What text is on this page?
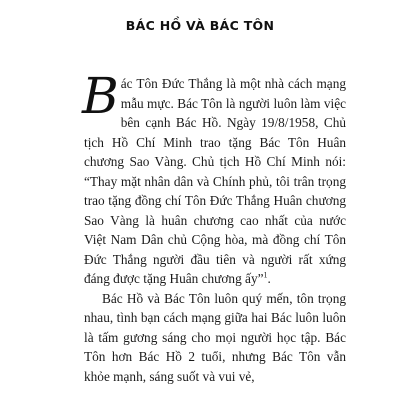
BÁC HỒ VÀ BÁC TÔN

Bác Tôn Đức Thắng là một nhà cách mạng mẫu mực. Bác Tôn là người luôn làm việc bên cạnh Bác Hồ. Ngày 19/8/1958, Chủ tịch Hồ Chí Minh trao tặng Bác Tôn Huân chương Sao Vàng. Chủ tịch Hồ Chí Minh nói: “Thay mặt nhân dân và Chính phủ, tôi trân trọng trao tặng đồng chí Tôn Đức Thắng Huân chương Sao Vàng là huân chương cao nhất của nước Việt Nam Dân chủ Cộng hòa, mà đồng chí Tôn Đức Thắng người đầu tiên và người rất xứng đáng được tặng Huân chương ấy”$^1$.

Bác Hồ và Bác Tôn luôn quý mến, tôn trọng nhau, tình bạn cách mạng giữa hai Bác luôn luôn là tấm gương sáng cho mọi người học tập. Bác Tôn hơn Bác Hồ 2 tuổi, nhưng Bác Tôn vẫn khỏe mạnh, sáng suốt và vui vẻ,
